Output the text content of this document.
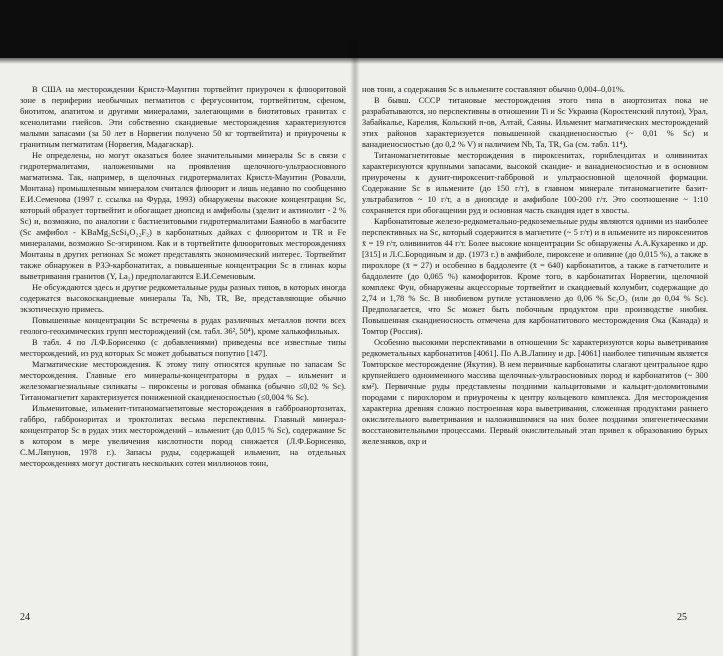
В США на месторождении Кристл-Маунтин тортвейтит приурочен к флюоритовой зоне в периферии необычных пегматитов с фергусонитом, тортвейтитом, сфеном, биотитом, апатитом и другими минералами, залегающими в биотитовых гранитах с ксенолитами гнейсов. Эти собственно скандиевые месторождения характеризуются малыми запасами (за 50 лет в Норвегии получено 50 кг тортвейтита) и приурочены к гранитным пегматитам (Норвегия, Мадагаскар).

Не определены, но могут оказаться более значительными минералы Sc в связи с гидротермалитами, наложенными на проявления щелочного-ультраосновного магматизма. Так, например, в щелочных гидротермалитах Кристл-Маунтин (Ровалли, Монтана) промышленным минералом считался флюорит и лишь недавно по сообщению Е.И.Семенова (1997 г. ссылка на Фурда, 1993) обнаружены высокие концентрации Sc, который образует тортвейтит и обогащает диопсид и амфиболы (эделит и актинолит - 2 % Sc) и, возможно, по аналогии с бастнезитовыми гидротермалитами Баянобо в магбасите (Sc амфибол - KBaMg₂ScSi₈O₂₂F₂) в карбонатных дайках с флюоритом и TR и Fe минералами, возможно Sc-эгирином. Как и в тортвейтите флюоритовых месторождениях Монтаны в других регионах Sc может представлять экономический интерес. Тортвейтит также обнаружен в РЗЭ-карбонатитах, а повышенные концентрации Sc в глинах коры выветривания гранитов (Y, La₂) предполагаются Е.И.Семеновым.

Не обсуждаются здесь и другие редкометальные руды разных типов, в которых иногда содержатся высокоскандиевые минералы Ta, Nb, TR, Be, представляющие обычно экзотическую примесь.

Повышенные концентрации Sc встречены в рудах различных металлов почти всех геолого-геохимических групп месторождений (см. табл. 36², 50⁴), кроме халькофильных.

В табл. 4 по Л.Ф.Борисенко (с добавлениями) приведены все известные типы месторождений, из руд которых Sc может добываться попутно [147].

Магматические месторождения. К этому типу относятся крупные по запасам Sc месторождения. Главные его минералы-концентраторы в рудах – ильменит и железомагнезиальные силикаты – пироксены и роговая обманка (обычно ≤0,02 % Sc). Титаномагнетит характеризуется пониженной скандиеносностью (≤0,004 % Sc).

Ильменитовые, ильменит-титаномагнетитовые месторождения в габброанортозитах, габбро, габброноритах и троктолитах весьма перспективны. Главный минерал-концентратор Sc в рудах этих месторождений – ильменит (до 0,015 % Sc), содержание Sc в котором в мере увеличения кислотности пород снижается (Л.Ф.Борисенко, С.М.Ляпунов, 1978 г.). Запасы руды, содержащей ильменит, на отдельных месторождениях могут достигать нескольких сотен миллионов тонн,

нов тонн, а содержания Sc в ильмените составляют обычно 0,004–0,01%.

В бывш. СССР титановые месторождения этого типа в анортозитах пока не разрабатываются, но перспективны в отношении Ti и Sc Украина (Коростенский плутон), Урал, Забайкалье, Карелия, Кольский п-ов, Алтай, Саяны. Ильменит магматических месторождений этих районов характеризуется повышенной скандиеносностью (~ 0,01 % Sc) и ванадиеносностью (до 0,2 % V) и наличием Nb, Ta, TR, Ga (см. табл. 11⁴).

Титаномагнетитовые месторождения в пироксенитах, горнблендитах и оливинитах характеризуются крупными запасами, высокой скандие- и ванадиеносностью и в основном приурочены к дунит-пироксенит-габбровой и ультраосновной щелочной формации. Содержание Sc в ильмените (до 150 г/т), в главном минерале титаномагнетите базит-ультрабазитов ~ 10 г/т, а в диопсиде и амфиболе 100-200 г/т. Это соотношение ~ 1:10 сохраняется при обогащении руд и основная часть скандия идет в хвосты.

Карбонатитовые железо-редкометально-редкоземельные руды являются одними из наиболее перспективных на Sc, который содержится в магнетите (~ 5 г/т) и в ильмените из пироксенитов x̄ = 19 г/т, оливинитов 44 г/т. Более высокие концентрации Sc обнаружены А.А.Кухаренко и др. [315] и Л.С.Бородиным и др. (1973 г.) в амфиболе, пироксене и оливине (до 0,015 %), а также в пирохлоре (x̄ = 27) и особенно в баддолеите (x̄ = 640) карбонатитов, а также в гатчетолите и баддолеите (до 0,065 %) камофоритов. Кроме того, в карбонатитах Норвегии, щелочной комплекс Фун, обнаружены акцессорные тортвейтит и скандиевый колумбит, содержащие до 2,74 и 1,78 % Sc. В ниобиевом рутиле установлено до 0,06 % Sc₂O₃ (или до 0,04 % Sc). Предполагается, что Sc может быть побочным продуктом при производстве ниобия. Повышенная скандиеносность отмечена для карбонатитового месторождения Ока (Канада) и Томтор (Россия).

Особенно высокими перспективами в отношении Sc характеризуются коры выветривания редкометальных карбонатитов [4061]. По А.В.Лапину и др. [4061] наиболее типичным является Томторское месторождение (Якутия). В нем первичные карбонатиты слагают центральное ядро крупнейшего одноименного массива щелочных-ультраосновных пород и карбонатитов (~ 300 км²). Первичные руды представлены поздними кальцитовыми и кальцит-доломитовыми породами с пирохлором и приурочены к центру кольцевого комплекса. Для месторождения характерна древняя сложно построенная кора выветривания, сложенная продуктами раннего окислительного выветривания и наложившимися на них более поздними эпигенетическими восстановительными процессами. Первый окислительный этап привел к образованию бурых железняков, охр и

24	25
